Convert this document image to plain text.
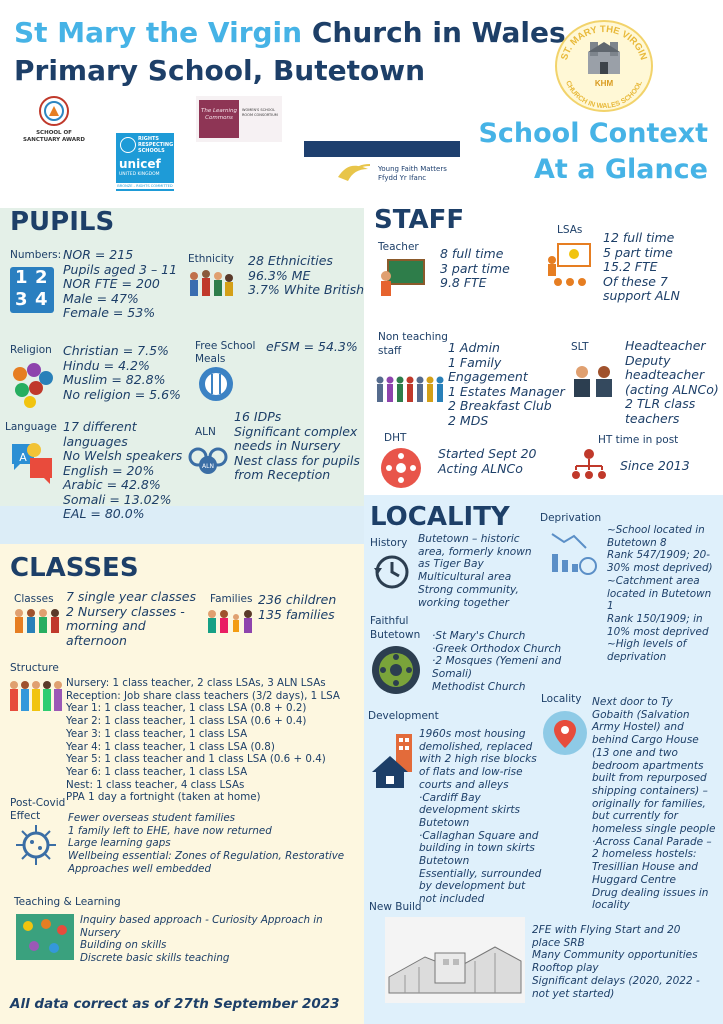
St Mary the Virgin Church in Wales
Primary School, Butetown	ST. MARY THE VIRGIN
CHURCH IN WALES SCHOOL
KHM
SCHOOL OF
SANCTUARY AWARD	RIGHTS
RESPECTING
SCHOOLS
unicef
UNITED KINGDOM
BRONZE - RIGHTS COMMITTED
The Learning Commons
WOMEN'S SCHOOL ROOM CONSORTIUM
Young Faith Matters
Ffydd Yr Ifanc
School Context
At a Glance
PUPILS
Numbers:
1 2
3 4
NOR = 215
Pupils aged 3 – 11
NOR FTE = 200
Male = 47%
Female = 53%
Ethnicity 28 Ethnicities
96.3% ME
3.7% White British
Religion Christian = 7.5%
Hindu = 4.2%
Muslim = 82.8%
No religion = 5.6%
Free School
Meals
eFSM = 54.3%
Language
A
17 different
languages
No Welsh speakers
English = 20%
Arabic = 42.8%
Somali = 13.02%
EAL = 80.0%
ALN
ALN
16 IDPs
Significant complex
needs in Nursery
Nest class for pupils
from Reception
STAFF
Teacher 8 full time
3 part time
9.8 FTE
LSAs 12 full time
5 part time
15.2 FTE
Of these 7
support ALN
Non teaching
staff	1 Admin
1 Family
Engagement
1 Estates Manager
2 Breakfast Club
2 MDS
SLT	Headteacher
Deputy
headteacher
(acting ALNCo)
2 TLR class
teachers
DHT
Started Sept 20
Acting ALNCo
HT time in post
Since 2013
CLASSES
Classes 7 single year classes
2 Nursery classes -
morning and
afternoon
Families 236 children
135 families
Structure
Nursery: 1 class teacher, 2 class LSAs, 3 ALN LSAs
Reception: Job share class teachers (3/2 days), 1 LSA
Year 1: 1 class teacher, 1 class LSA (0.8 + 0.2)
Year 2: 1 class teacher, 1 class LSA (0.6 + 0.4)
Year 3: 1 class teacher, 1 class LSA
Year 4: 1 class teacher, 1 class LSA (0.8)
Year 5: 1 class teacher and 1 class LSA (0.6 + 0.4)
Year 6: 1 class teacher, 1 class LSA
Nest: 1 class teacher, 4 class LSAs
PPA 1 day a fortnight (taken at home)
Post-Covid
Effect	Fewer overseas student families
1 family left to EHE, have now returned
Large learning gaps
Wellbeing essential: Zones of Regulation, Restorative
Approaches well embedded
Teaching & Learning
Inquiry based approach - Curiosity Approach in
Nursery
Building on skills
Discrete basic skills teaching
All data correct as of 27th September 2023
LOCALITY
History Butetown – historic
area, formerly known
as Tiger Bay
Multicultural area
Strong community,
working together
Deprivation
~School located in
Butetown 8
Rank 547/1909; 20-
30% most deprived)
~Catchment area
located in Butetown
1
Rank 150/1909; in
10% most deprived
~High levels of
deprivation
Faithful
Butetown ·St Mary's Church
·Greek Orthodox Church
·2 Mosques (Yemeni and
Somali)
Methodist Church
Locality Next door to Ty
Gobaith (Salvation
Army Hostel) and
behind Cargo House
(13 one and two
bedroom apartments
built from repurposed
shipping containers) –
originally for families,
but currently for
homeless single people
·Across Canal Parade –
2 homeless hostels:
Tresillian House and
Huggard Centre
Drug dealing issues in
locality
Development
1960s most housing
demolished, replaced
with 2 high rise blocks
of flats and low-rise
courts and alleys
·Cardiff Bay
development skirts
Butetown
·Callaghan Square and
building in town skirts
Butetown
Essentially, surrounded
by development but
not included
New Build
2FE with Flying Start and 20
place SRB
Many Community opportunities
Rooftop play
Significant delays (2020, 2022 -
not yet started)
